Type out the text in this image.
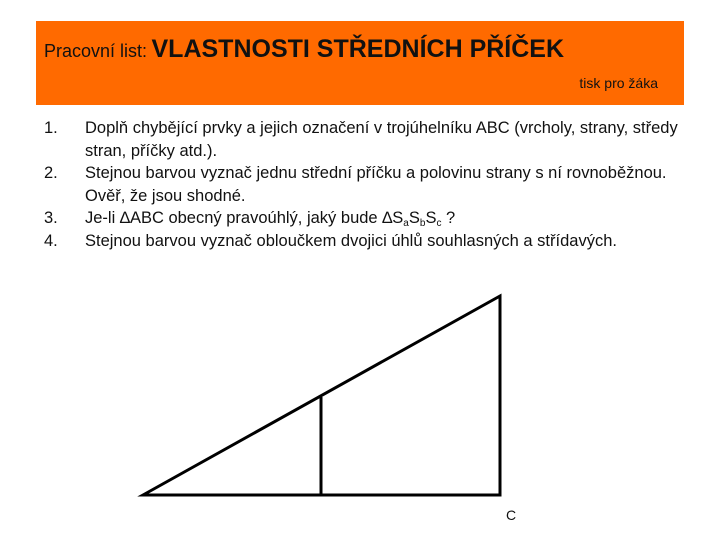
Pracovní list: VLASTNOSTI STŘEDNÍCH PŘÍČEK
tisk pro žáka
1. Doplň chybějící prvky a jejich označení v trojúhelníku ABC (vrcholy, strany, středy stran, příčky atd.).
2. Stejnou barvou vyznač jednu střední příčku a polovinu strany s ní rovnoběžnou. Ověř, že jsou shodné.
3. Je-li ∆ABC obecný pravoúhlý, jaký bude $\Delta S_aS_bS_c$ ?
4. Stejnou barvou vyznač obloučkem dvojici úhlů souhlasných a střídavých.
C
